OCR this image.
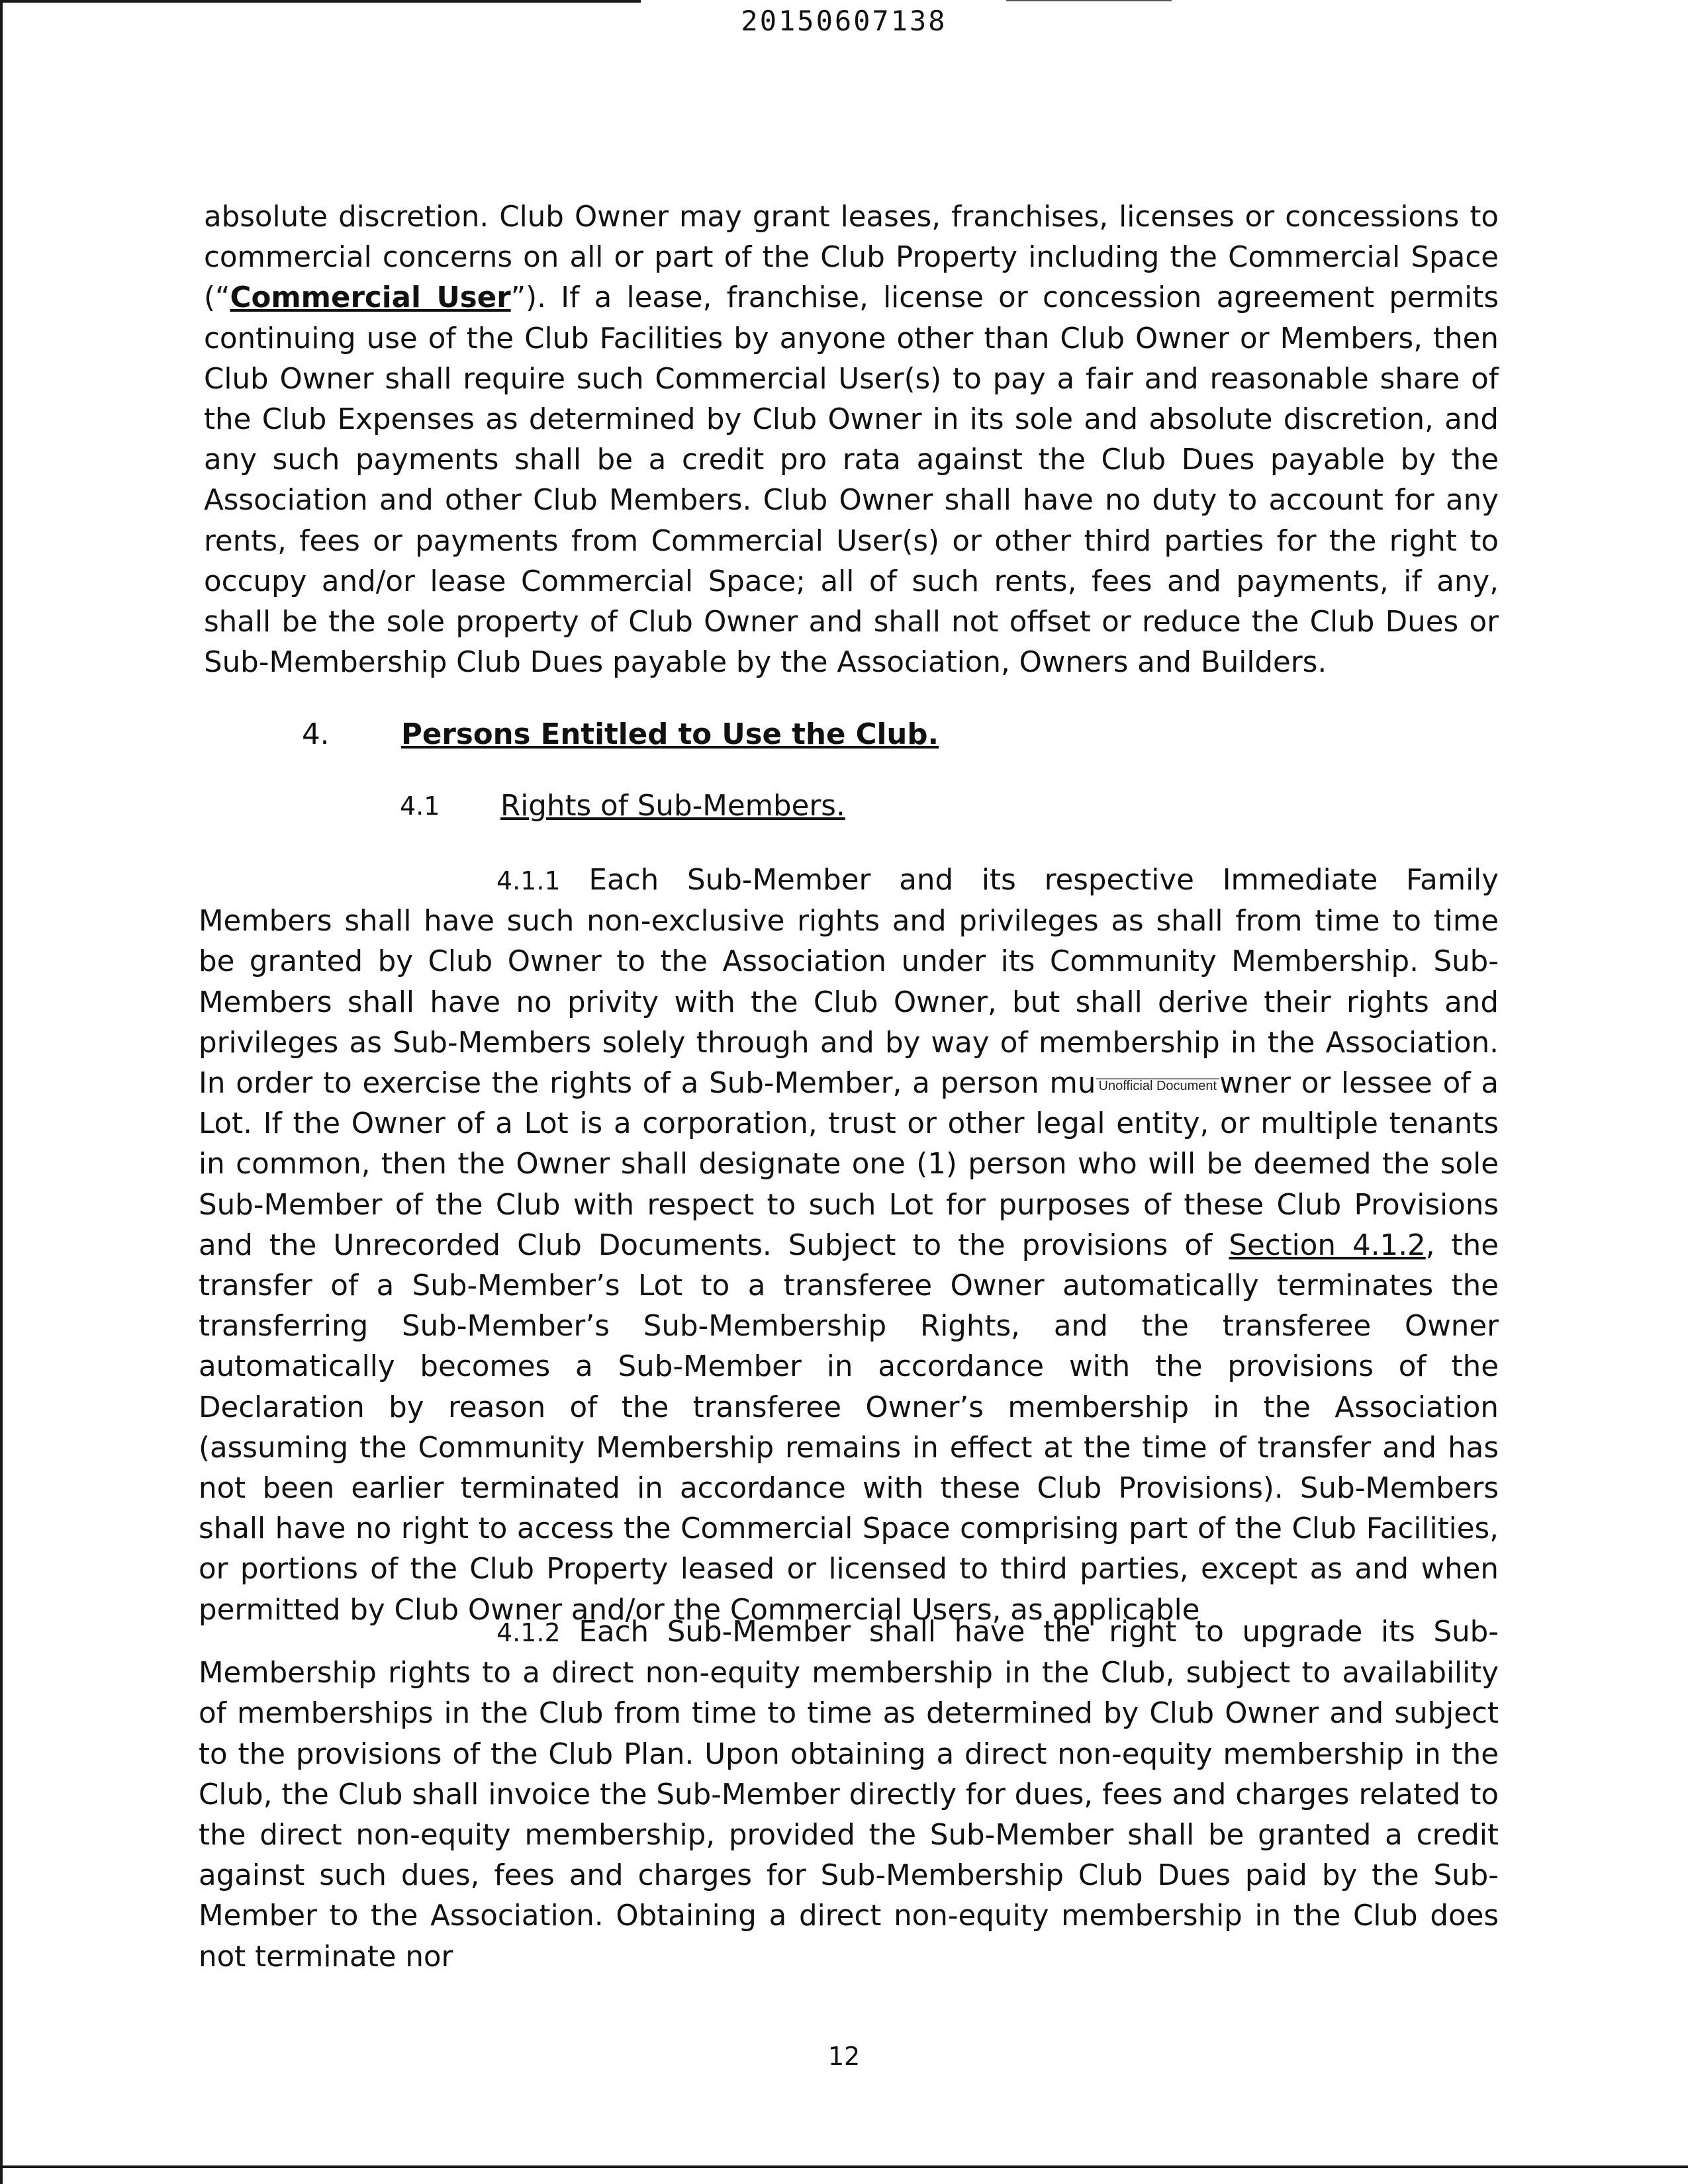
20150607138
absolute discretion. Club Owner may grant leases, franchises, licenses or concessions to commercial concerns on all or part of the Club Property including the Commercial Space (“Commercial User”). If a lease, franchise, license or concession agreement permits continuing use of the Club Facilities by anyone other than Club Owner or Members, then Club Owner shall require such Commercial User(s) to pay a fair and reasonable share of the Club Expenses as determined by Club Owner in its sole and absolute discretion, and any such payments shall be a credit pro rata against the Club Dues payable by the Association and other Club Members. Club Owner shall have no duty to account for any rents, fees or payments from Commercial User(s) or other third parties for the right to occupy and/or lease Commercial Space; all of such rents, fees and payments, if any, shall be the sole property of Club Owner and shall not offset or reduce the Club Dues or Sub-Membership Club Dues payable by the Association, Owners and Builders.
4. Persons Entitled to Use the Club.
4.1 Rights of Sub-Members.
4.1.1 Each Sub-Member and its respective Immediate Family Members shall have such non-exclusive rights and privileges as shall from time to time be granted by Club Owner to the Association under its Community Membership. Sub-Members shall have no privity with the Club Owner, but shall derive their rights and privileges as Sub-Members solely through and by way of membership in the Association. In order to exercise the rights of a Sub-Member, a person mu Unofficial Documentwner or lessee of a Lot. If the Owner of a Lot is a corporation, trust or other legal entity, or multiple tenants in common, then the Owner shall designate one (1) person who will be deemed the sole Sub-Member of the Club with respect to such Lot for purposes of these Club Provisions and the Unrecorded Club Documents. Subject to the provisions of Section 4.1.2, the transfer of a Sub-Member’s Lot to a transferee Owner automatically terminates the transferring Sub-Member’s Sub-Membership Rights, and the transferee Owner automatically becomes a Sub-Member in accordance with the provisions of the Declaration by reason of the transferee Owner’s membership in the Association (assuming the Community Membership remains in effect at the time of transfer and has not been earlier terminated in accordance with these Club Provisions). Sub-Members shall have no right to access the Commercial Space comprising part of the Club Facilities, or portions of the Club Property leased or licensed to third parties, except as and when permitted by Club Owner and/or the Commercial Users, as applicable
4.1.2 Each Sub-Member shall have the right to upgrade its Sub-Membership rights to a direct non-equity membership in the Club, subject to availability of memberships in the Club from time to time as determined by Club Owner and subject to the provisions of the Club Plan. Upon obtaining a direct non-equity membership in the Club, the Club shall invoice the Sub-Member directly for dues, fees and charges related to the direct non-equity membership, provided the Sub-Member shall be granted a credit against such dues, fees and charges for Sub-Membership Club Dues paid by the Sub-Member to the Association. Obtaining a direct non-equity membership in the Club does not terminate nor
12
